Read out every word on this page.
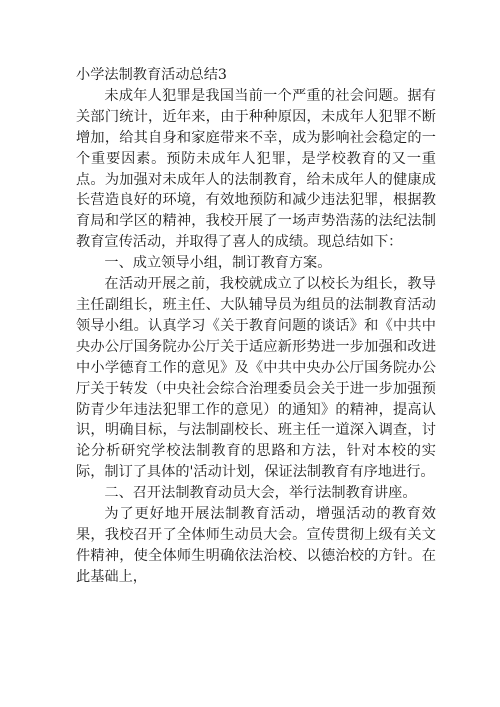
小学法制教育活动总结3

未成年人犯罪是我国当前一个严重的社会问题。据有关部门统计，近年来，由于种种原因，未成年人犯罪不断增加，给其自身和家庭带来不幸，成为影响社会稳定的一个重要因素。预防未成年人犯罪，是学校教育的又一重点。为加强对未成年人的法制教育，给未成年人的健康成长营造良好的环境，有效地预防和减少违法犯罪，根据教育局和学区的精神，我校开展了一场声势浩荡的法纪法制教育宣传活动，并取得了喜人的成绩。现总结如下：

一、成立领导小组，制订教育方案。

在活动开展之前，我校就成立了以校长为组长，教导主任副组长，班主任、大队辅导员为组员的法制教育活动领导小组。认真学习《关于教育问题的谈话》和《中共中央办公厅国务院办公厅关于适应新形势进一步加强和改进中小学德育工作的意见》及《中共中央办公厅国务院办公厅关于转发（中央社会综合治理委员会关于进一步加强预防青少年违法犯罪工作的意见）的通知》的精神，提高认识，明确目标，与法制副校长、班主任一道深入调查，讨论分析研究学校法制教育的思路和方法，针对本校的实际，制订了具体的'活动计划，保证法制教育有序地进行。

二、召开法制教育动员大会，举行法制教育讲座。

为了更好地开展法制教育活动，增强活动的教育效果，我校召开了全体师生动员大会。宣传贯彻上级有关文件精神，使全体师生明确依法治校、以德治校的方针。在此基础上，
